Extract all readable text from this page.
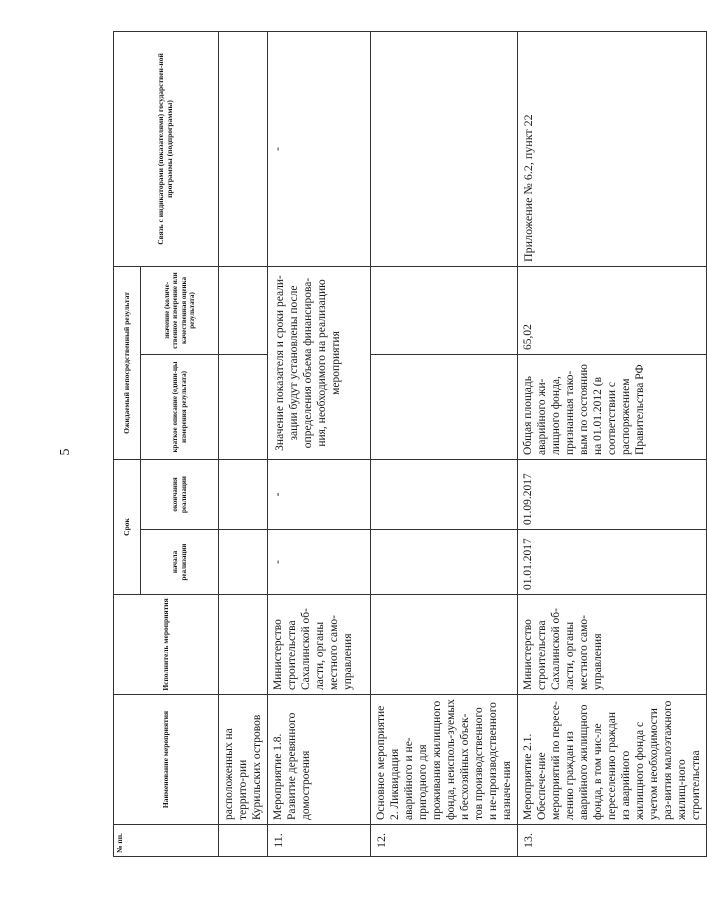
5
№ пп.	Наименование мероприятия	Исполнитель мероприятия	Срок		Ожидаемый непосредственный результат		Связь с индикаторами (показателями) государствен-ной программы (подпрограммы)
			начала реализации	окончания реализации	краткое описание (едини-цы измерения результата)	значение (количе-ственное измерение или качественная оценка результата)	
	расположенных на террито-рии Курильских островов						
11.	Мероприятие 1.8. Развитие деревянного домостроения	Министерство строительства Сахалинской об-ласти, органы местного само-управления	-	-	Значение показателя и сроки реали-зации будут установлены после определения объема финансирова-ния, необходимого на реализацию мероприятия		-
12.	Основное мероприятие 2. Ликвидация аварийного и не-пригодного для проживания жилищного фонда, неисполь-зуемых и бесхозяйных объек-тов производственного и не-производственного назначе-ния						
13.	Мероприятие 2.1. Обеспече-ние мероприятий по пересе-лению граждан из аварийного жилищного фонда, в том чис-ле переселению граждан из аварийного жилищного фонда с учетом необходимости раз-вития малоэтажного жилищ-ного строительства	Министерство строительства Сахалинской об-ласти, органы местного само-управления	01.01.2017	01.09.2017	Общая площадь аварийного жи-лищного фонда, признанная тако-вым по состоянию на 01.01.2012 (в соответствии с распоряжением Правительства РФ	65,02	Приложение № 6.2, пункт 22
